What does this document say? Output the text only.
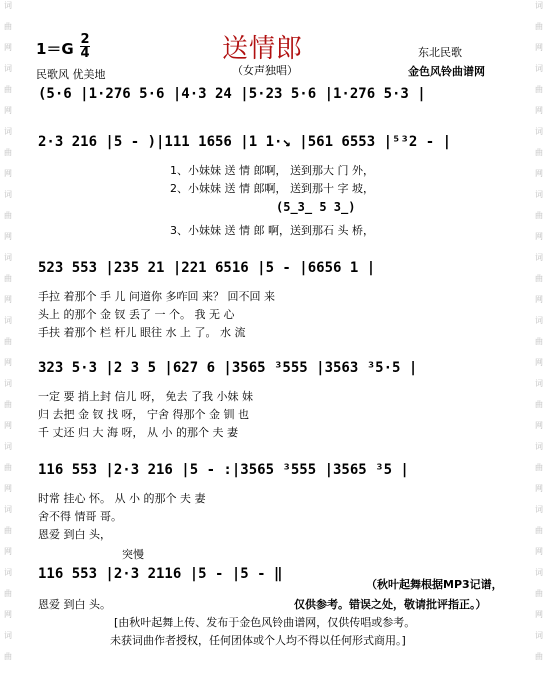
词
曲
网
词
曲
网
词
曲
网
词
曲
网
词
曲
网
词
曲
网
词
曲
网
词
曲
网
词
曲
网
词
曲
网
词
曲
词
曲
网
词
曲
网
词
曲
网
词
曲
网
词
曲
网
词
曲
网
词
曲
网
词
曲
网
词
曲
网
词
曲
网
词
曲
送情郎
（女声独唱）
1＝G
2
4
民歌风 优美地
东北民歌
金色风铃曲谱网
(5·6 |1·276 5·6 |4·3 24 |5·23 5·6 |1·276 5·3 |
2·3 216 |5 - )|111 1656 |1 1·↘ |561 6553 |⁵³2 - |
1、小妹妹 送 情 郎啊， 送到那大 门 外，
2、小妹妹 送 情 郎啊， 送到那十 字 坡，
(5̲3̲ 5 3̲)
3、小妹妹 送 情 郎 啊，送到那石 头 桥，
523 553 |235 21 |221 6516 |5 - |6656 1 |
手拉 着那个 手 儿 问道你 多咋回 来？ 回不回 来
头上 的那个 金 钗 丢了 一 个。 我 无 心
手扶 着那个 栏 杆儿 眼往 水 上 了。 水 流
323 5·3 |2 3 5 |627 6 |3565 ³555 |3563 ³5·5 |
一定 要 捎上封 信儿 呀， 免去 了我 小妹 妹
归 去把 金 钗 找 呀， 宁舍 得那个 金 钏 也
千 丈还 归 大 海 呀， 从 小 的那个 夫 妻
116 553 |2·3 216 |5 - :|3565 ³555 |3565 ³5 |
时常 挂心 怀。 从 小 的那个 夫 妻
舍不得 情哥 哥。
恩爱 到白 头，
突慢
116 553 |2·3 2116 |5 - |5 - ‖
（秋叶起舞根据MP3记谱，
恩爱 到白 头。	仅供参考。错误之处，敬请批评指正。）
[由秋叶起舞上传、发布于金色风铃曲谱网，仅供传唱或参考。
未获词曲作者授权，任何团体或个人均不得以任何形式商用。]
